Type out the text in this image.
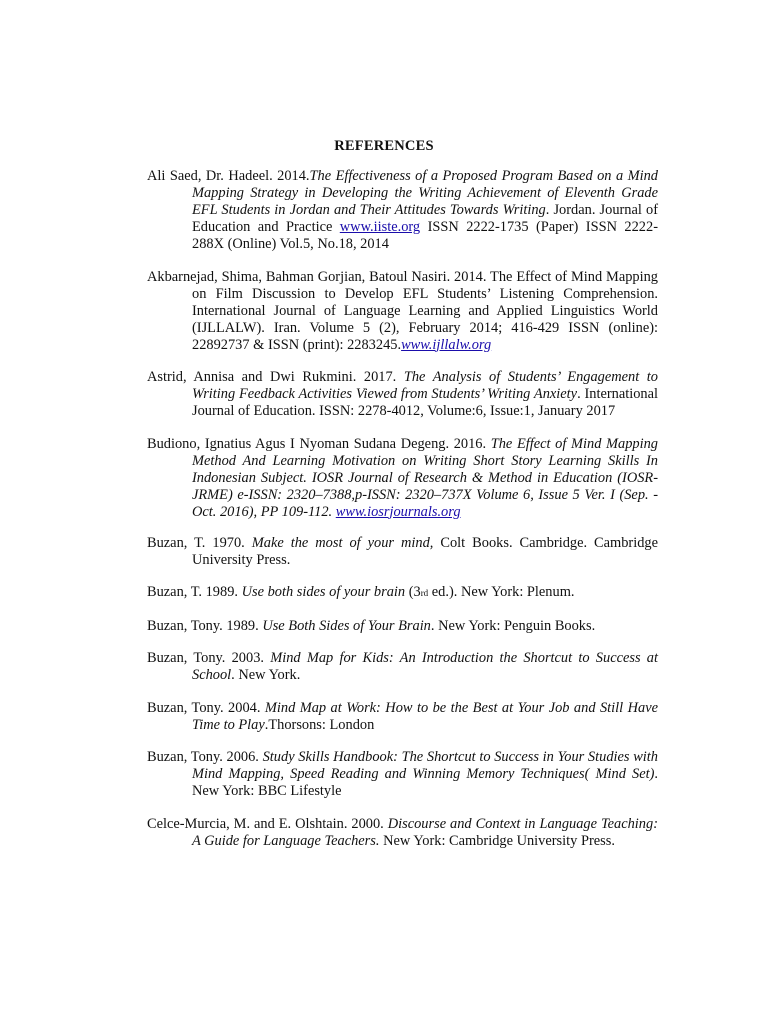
REFERENCES

Ali Saed, Dr. Hadeel. 2014.The Effectiveness of a Proposed Program Based on a Mind Mapping Strategy in Developing the Writing Achievement of Eleventh Grade EFL Students in Jordan and Their Attitudes Towards Writing. Jordan. Journal of Education and Practice www.iiste.org ISSN 2222-1735 (Paper) ISSN 2222-288X (Online) Vol.5, No.18, 2014

Akbarnejad, Shima, Bahman Gorjian, Batoul Nasiri. 2014. The Effect of Mind Mapping on Film Discussion to Develop EFL Students’ Listening Comprehension. International Journal of Language Learning and Applied Linguistics World (IJLLALW). Iran. Volume 5 (2), February 2014; 416-429 ISSN (online): 22892737 & ISSN (print): 2283245.www.ijllalw.org

Astrid, Annisa and Dwi Rukmini. 2017. The Analysis of Students’ Engagement to Writing Feedback Activities Viewed from Students’ Writing Anxiety. International Journal of Education. ISSN: 2278-4012, Volume:6, Issue:1, January 2017

Budiono, Ignatius Agus I Nyoman Sudana Degeng. 2016. The Effect of Mind Mapping Method And Learning Motivation on Writing Short Story Learning Skills In Indonesian Subject. IOSR Journal of Research & Method in Education (IOSR-JRME) e-ISSN: 2320–7388,p-ISSN: 2320–737X Volume 6, Issue 5 Ver. I (Sep. - Oct. 2016), PP 109-112. www.iosrjournals.org

Buzan, T. 1970. Make the most of your mind, Colt Books. Cambridge. Cambridge University Press.

Buzan, T. 1989. Use both sides of your brain (3rd ed.). New York: Plenum.

Buzan, Tony. 1989. Use Both Sides of Your Brain. New York: Penguin Books.

Buzan, Tony. 2003. Mind Map for Kids: An Introduction the Shortcut to Success at School. New York.

Buzan, Tony. 2004. Mind Map at Work: How to be the Best at Your Job and Still Have Time to Play.Thorsons: London

Buzan, Tony. 2006. Study Skills Handbook: The Shortcut to Success in Your Studies with Mind Mapping, Speed Reading and Winning Memory Techniques( Mind Set). New York: BBC Lifestyle

Celce-Murcia, M. and E. Olshtain. 2000. Discourse and Context in Language Teaching: A Guide for Language Teachers. New York: Cambridge University Press.
